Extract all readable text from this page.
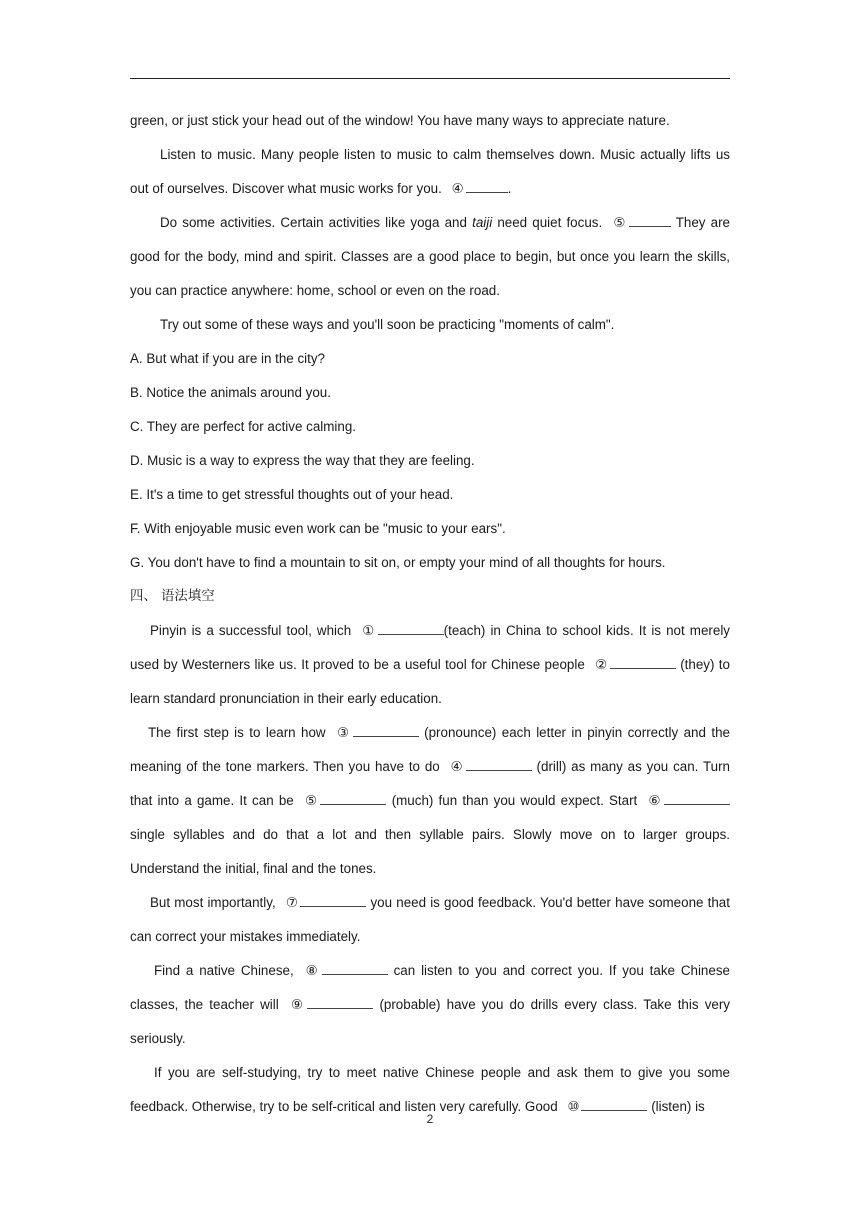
green, or just stick your head out of the window! You have many ways to appreciate nature.

Listen to music. Many people listen to music to calm themselves down. Music actually lifts us out of ourselves. Discover what music works for you. ④	.

Do some activities. Certain activities like yoga and taiji need quiet focus. ⑤	They are good for the body, mind and spirit. Classes are a good place to begin, but once you learn the skills, you can practice anywhere: home, school or even on the road.

Try out some of these ways and you'll soon be practicing "moments of calm".

A. But what if you are in the city?

B. Notice the animals around you.

C. They are perfect for active calming.

D. Music is a way to express the way that they are feeling.

E. It's a time to get stressful thoughts out of your head.

F. With enjoyable music even work can be "music to your ears".

G. You don't have to find a mountain to sit on, or empty your mind of all thoughts for hours.

四、 语法填空

Pinyin is a successful tool, which ①	(teach) in China to school kids. It is not merely used by Westerners like us. It proved to be a useful tool for Chinese people ②	(they) to learn standard pronunciation in their early education.

The first step is to learn how ③	(pronounce) each letter in pinyin correctly and the meaning of the tone markers. Then you have to do ④	(drill) as many as you can. Turn that into a game. It can be ⑤	(much) fun than you would expect. Start ⑥ single syllables and do that a lot and then syllable pairs. Slowly move on to larger groups. Understand the initial, final and the tones.

But most importantly, ⑦	you need is good feedback. You'd better have someone that can correct your mistakes immediately.

Find a native Chinese, ⑧	can listen to you and correct you. If you take Chinese classes, the teacher will ⑨	(probable) have you do drills every class. Take this very seriously.

If you are self-studying, try to meet native Chinese people and ask them to give you some feedback. Otherwise, try to be self-critical and listen very carefully. Good ⑩	(listen) is

2
